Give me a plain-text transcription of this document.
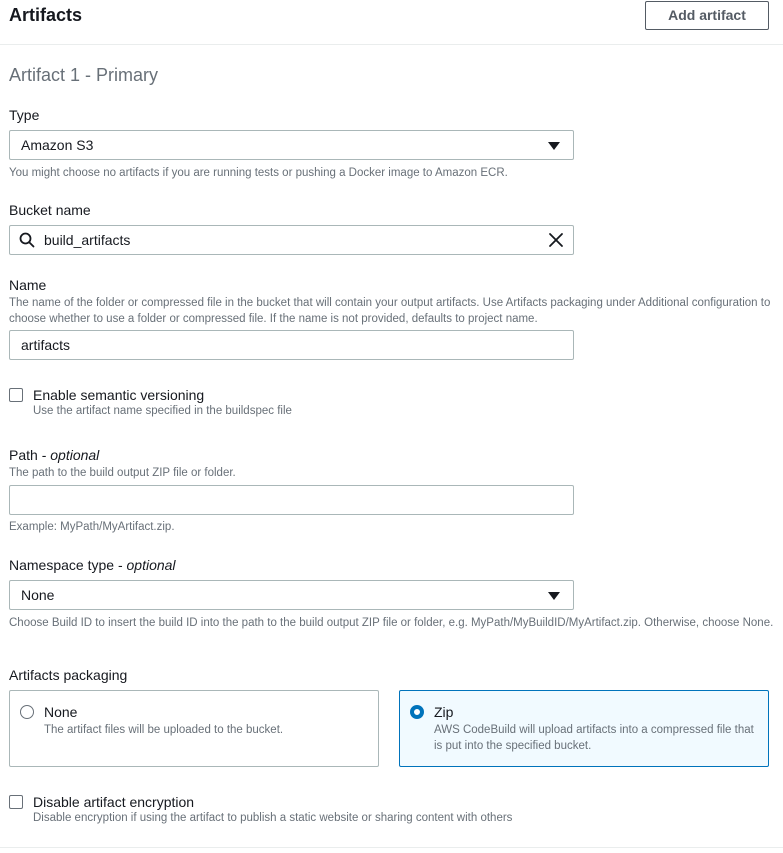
Artifacts	Add artifact
Artifact 1 - Primary
Type
Amazon S3
You might choose no artifacts if you are running tests or pushing a Docker image to Amazon ECR.
Bucket name
build_artifacts
Name
The name of the folder or compressed file in the bucket that will contain your output artifacts. Use Artifacts packaging under Additional configuration to choose whether to use a folder or compressed file. If the name is not provided, defaults to project name.
artifacts
Enable semantic versioning
Use the artifact name specified in the buildspec file
Path - optional
The path to the build output ZIP file or folder.
Example: MyPath/MyArtifact.zip.
Namespace type - optional
None
Choose Build ID to insert the build ID into the path to the build output ZIP file or folder, e.g. MyPath/MyBuildID/MyArtifact.zip. Otherwise, choose None.
Artifacts packaging
None
The artifact files will be uploaded to the bucket.
Zip
AWS CodeBuild will upload artifacts into a compressed file that is put into the specified bucket.
Disable artifact encryption
Disable encryption if using the artifact to publish a static website or sharing content with others
